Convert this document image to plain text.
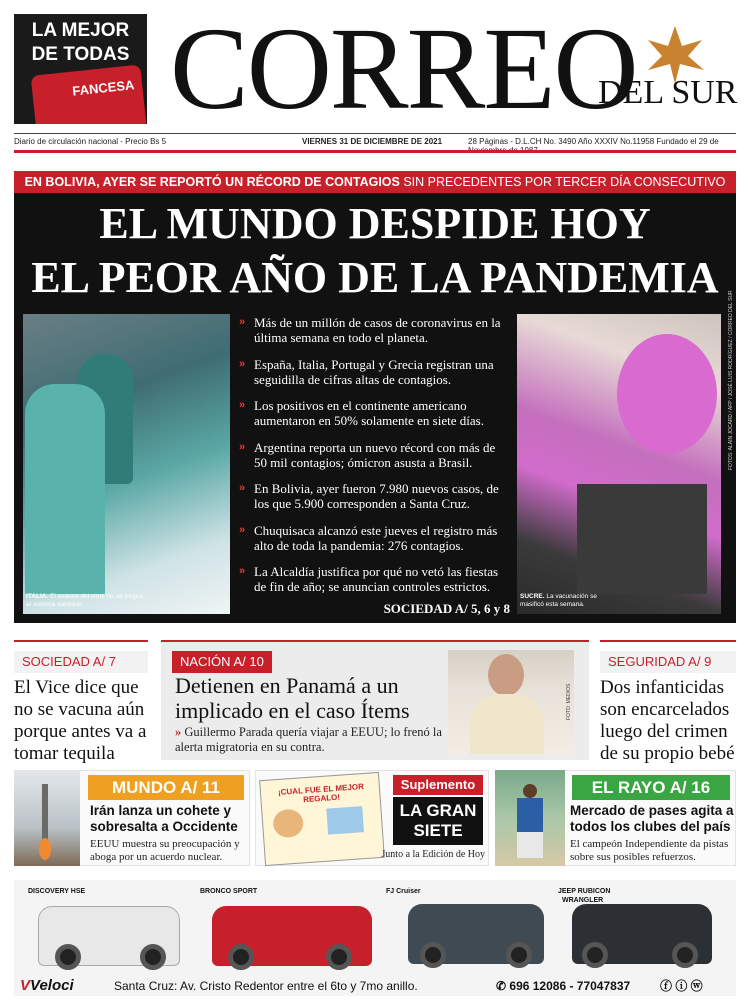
LA MEJOR
DE TODAS
FANCESA CORREO
DEL SUR
Diario de circulación nacional - Precio Bs 5	VIERNES 31 DE DICIEMBRE DE 2021	28 Páginas - D.L.CH No. 3490 Año XXXIV No.11958 Fundado el 29 de
EN BOLIVIA, AYER SE REPORTÓ UN RÉCORD DE CONTAGIOS SIN PRECEDENTES POR TERCER DÍA CONSECUTIVO
EL MUNDO DESPIDE HOY
EL PEOR AÑO DE LA PANDEMIA
ITALIA. El avance del virus no da tregua al sistema sanitario.
SUCRE. La vacunación se masificó esta semana.
FOTOS: ALAIN JOCARD / AFP / JOSÉ LUIS RODRÍGUEZ / CORREO DEL SUR
» Más de un millón de casos de coronavirus en la última semana en todo el planeta.
» España, Italia, Portugal y Grecia registran una seguidilla de cifras altas de contagios.
» Los positivos en el continente americano aumentaron en 50% solamente en siete días.
» Argentina reporta un nuevo récord con más de 50 mil contagios; ómicron asusta a Brasil.
» En Bolivia, ayer fueron 7.980 nuevos casos, de los que 5.900 corresponden a Santa Cruz.
» Chuquisaca alcanzó este jueves el registro más alto de toda la pandemia: 276 contagios.
» La Alcaldía justifica por qué no vetó las fiestas de fin de año; se anuncian controles estrictos.
SOCIEDAD A/ 5, 6 y 8
SOCIEDAD A/ 7
El Vice dice que no se vacuna aún porque antes va a tomar tequila
NACIÓN A/ 10
Detienen en Panamá a un implicado en el caso Ítems
» Guillermo Parada quería viajar a EEUU; lo frenó la alerta migratoria en su contra.
FOTO: MEDIOS
SEGURIDAD A/ 9
Dos infanticidas son encarcelados luego del crimen de su propio bebé
MUNDO A/ 11
Irán lanza un cohete y sobresalta a Occidente
EEUU muestra su preocupación y aboga por un acuerdo nuclear.
¡CUAL FUE EL MEJOR REGALO!
Suplemento
LA GRAN
SIETE
Junto a la Edición de Hoy
EL RAYO A/ 16
Mercado de pases agita a todos los clubes del país
El campeón Independiente da pistas sobre sus posibles refuerzos.
DISCOVERY HSE	BRONCO SPORT	FJ Cruiser	JEEP RUBICON
WRANGLER
VVeloci	Santa Cruz: Av. Cristo Redentor entre el 6to y 7mo anillo.	✆ 696 12086 - 77047837 ⓕ ⓘ ⓦ
